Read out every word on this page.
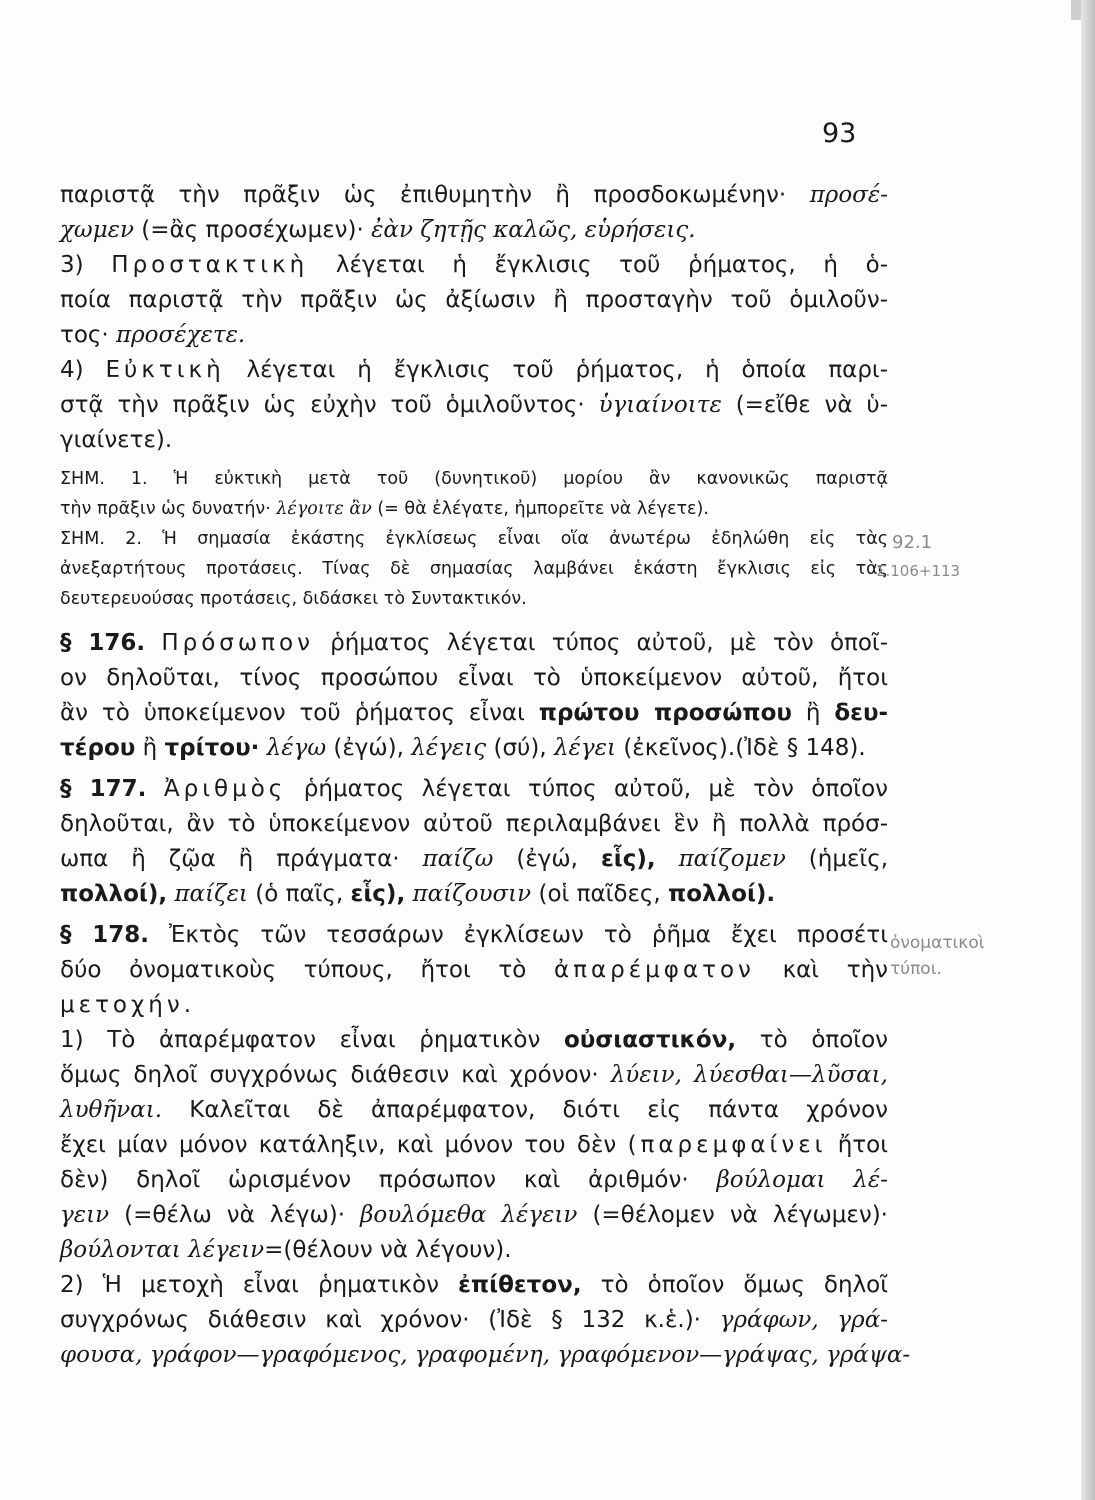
93
παριστᾷ τὴν πρᾶξιν ὡς ἐπιθυμητὴν ἢ προσδοκωμένην· προσέ-
χωμεν (=ἂς προσέχωμεν)· ἐὰν ζητῇς καλῶς, εὑρήσεις.
3) Προστακτικὴ λέγεται ἡ ἔγκλισις τοῦ ῥήματος, ἡ ὁ-
ποία παριστᾷ τὴν πρᾶξιν ὡς ἀξίωσιν ἢ προσταγὴν τοῦ ὁμιλοῦν-
τος· προσέχετε.
4) Εὐκτικὴ λέγεται ἡ ἔγκλισις τοῦ ῥήματος, ἡ ὁποία παρι-
στᾷ τὴν πρᾶξιν ὡς εὐχὴν τοῦ ὁμιλοῦντος· ὑγιαίνοιτε (=εἴθε νὰ ὑ-
γιαίνετε).
ΣΗΜ. 1. Ἡ εὐκτικὴ μετὰ τοῦ (δυνητικοῦ) μορίου ἂν κανονικῶς παριστᾷ
τὴν πρᾶξιν ὡς δυνατήν· λέγοιτε ἂν (= θὰ ἐλέγατε, ἠμπορεῖτε νὰ λέγετε).
ΣΗΜ. 2. Ἡ σημασία ἑκάστης ἐγκλίσεως εἶναι οἵα ἀνωτέρω ἐδηλώθη εἰς τὰς
ἀνεξαρτήτους προτάσεις. Τίνας δὲ σημασίας λαμβάνει ἑκάστη ἔγκλισις εἰς τὰς
δευτερευούσας προτάσεις, διδάσκει τὸ Συντακτικόν.
§ 176. Πρόσωπον ῥήματος λέγεται τύπος αὐτοῦ, μὲ τὸν ὁποῖ-
ον δηλοῦται, τίνος προσώπου εἶναι τὸ ὑποκείμενον αὐτοῦ, ἤτοι
ἂν τὸ ὑποκείμενον τοῦ ῥήματος εἶναι πρώτου προσώπου ἢ δευ-
τέρου ἢ τρίτου· λέγω (ἐγώ), λέγεις (σύ), λέγει (ἐκεῖνος).(Ἰδὲ § 148).
§ 177. Ἀριθμὸς ῥήματος λέγεται τύπος αὐτοῦ, μὲ τὸν ὁποῖον
δηλοῦται, ἂν τὸ ὑποκείμενον αὐτοῦ περιλαμβάνει ἓν ἢ πολλὰ πρόσ-
ωπα ἢ ζῷα ἢ πράγματα· παίζω (ἐγώ, εἷς), παίζομεν (ἡμεῖς,
πολλοί), παίζει (ὁ παῖς, εἷς), παίζουσιν (οἱ παῖδες, πολλοί).
§ 178. Ἐκτὸς τῶν τεσσάρων ἐγκλίσεων τὸ ῥῆμα ἔχει προσέτι
δύο ὀνοματικοὺς τύπους, ἤτοι τὸ ἀπαρέμφατον καὶ τὴν
μετοχήν.
1) Τὸ ἀπαρέμφατον εἶναι ῥηματικὸν οὐσιαστικόν, τὸ ὁποῖον
ὅμως δηλοῖ συγχρόνως διάθεσιν καὶ χρόνον· λύειν, λύεσθαι—λῦσαι,
λυθῆναι. Καλεῖται δὲ ἀπαρέμφατον, διότι εἰς πάντα χρόνον
ἔχει μίαν μόνον κατάληξιν, καὶ μόνον του δὲν (παρεμφαίνει ἤτοι
δὲν) δηλοῖ ὡρισμένον πρόσωπον καὶ ἀριθμόν· βούλομαι λέ-
γειν (=θέλω νὰ λέγω)· βουλόμεθα λέγειν (=θέλομεν νὰ λέγωμεν)·
βούλονται λέγειν=(θέλουν νὰ λέγουν).
2) Ἡ μετοχὴ εἶναι ῥηματικὸν ἐπίθετον, τὸ ὁποῖον ὅμως δηλοῖ
συγχρόνως διάθεσιν καὶ χρόνον· (Ἰδὲ § 132 κ.ἑ.)· γράφων, γρά-
φουσα, γράφον—γραφόμενος, γραφομένη, γραφόμενον—γράψας, γράψα-
92.1
Σ.106+113
ὀνοματικοὶ τύποι.
